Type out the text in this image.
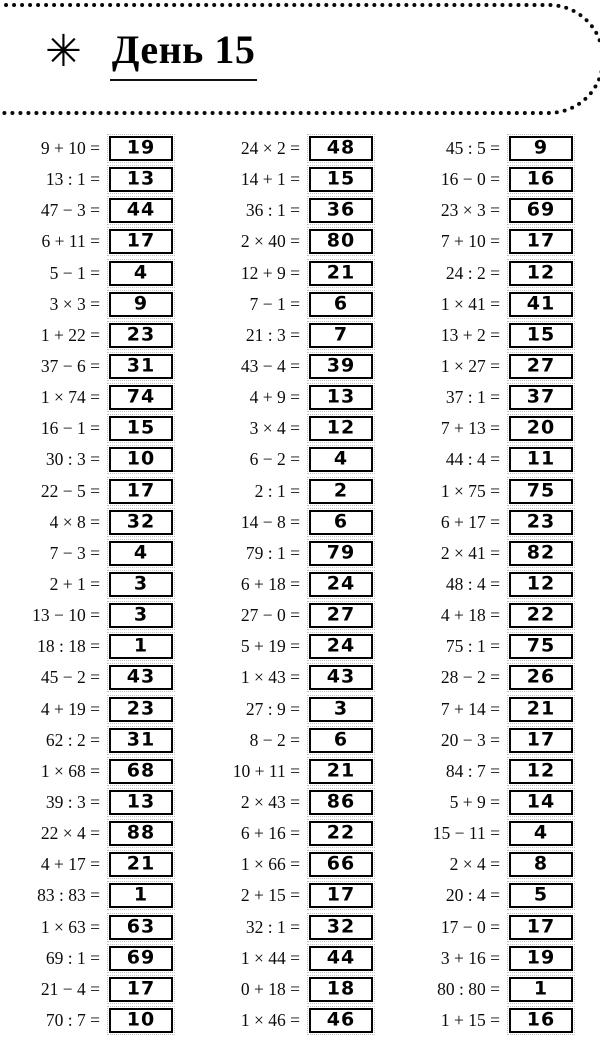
✳ День 15
9 + 10 = 19
13 : 1 = 13
47 − 3 = 44
6 + 11 = 17
5 − 1 = 4
3 × 3 = 9
1 + 22 = 23
37 − 6 = 31
1 × 74 = 74
16 − 1 = 15
30 : 3 = 10
22 − 5 = 17
4 × 8 = 32
7 − 3 = 4
2 + 1 = 3
13 − 10 = 3
18 : 18 = 1
45 − 2 = 43
4 + 19 = 23
62 : 2 = 31
1 × 68 = 68
39 : 3 = 13
22 × 4 = 88
4 + 17 = 21
83 : 83 = 1
1 × 63 = 63
69 : 1 = 69
21 − 4 = 17
70 : 7 = 10
24 × 2 = 48
14 + 1 = 15
36 : 1 = 36
2 × 40 = 80
12 + 9 = 21
7 − 1 = 6
21 : 3 = 7
43 − 4 = 39
4 + 9 = 13
3 × 4 = 12
6 − 2 = 4
2 : 1 = 2
14 − 8 = 6
79 : 1 = 79
6 + 18 = 24
27 − 0 = 27
5 + 19 = 24
1 × 43 = 43
27 : 9 = 3
8 − 2 = 6
10 + 11 = 21
2 × 43 = 86
6 + 16 = 22
1 × 66 = 66
2 + 15 = 17
32 : 1 = 32
1 × 44 = 44
0 + 18 = 18
1 × 46 = 46
45 : 5 = 9
16 − 0 = 16
23 × 3 = 69
7 + 10 = 17
24 : 2 = 12
1 × 41 = 41
13 + 2 = 15
1 × 27 = 27
37 : 1 = 37
7 + 13 = 20
44 : 4 = 11
1 × 75 = 75
6 + 17 = 23
2 × 41 = 82
48 : 4 = 12
4 + 18 = 22
75 : 1 = 75
28 − 2 = 26
7 + 14 = 21
20 − 3 = 17
84 : 7 = 12
5 + 9 = 14
15 − 11 = 4
2 × 4 = 8
20 : 4 = 5
17 − 0 = 17
3 + 16 = 19
80 : 80 = 1
1 + 15 = 16
